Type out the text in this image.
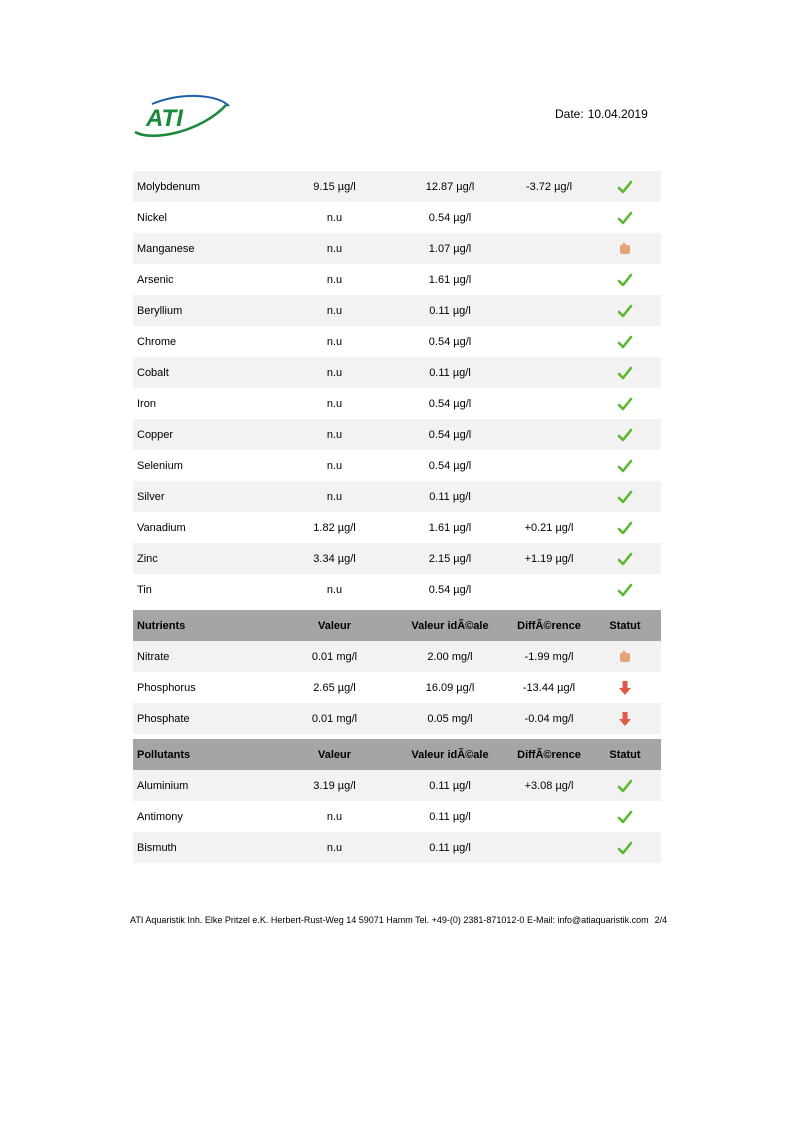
ATI	Date: 10.04.2019
Molybdenum	9.15 µg/l	12.87 µg/l	-3.72 µg/l
Nickel	n.u	0.54 µg/l
Manganese	n.u	1.07 µg/l
Arsenic	n.u	1.61 µg/l
Beryllium	n.u	0.11 µg/l
Chrome	n.u	0.54 µg/l
Cobalt	n.u	0.11 µg/l
Iron	n.u	0.54 µg/l
Copper	n.u	0.54 µg/l
Selenium	n.u	0.54 µg/l
Silver	n.u	0.11 µg/l
Vanadium	1.82 µg/l	1.61 µg/l	+0.21 µg/l
Zinc	3.34 µg/l	2.15 µg/l	+1.19 µg/l
Tin	n.u	0.54 µg/l
Nutrients	Valeur	Valeur idÃ©ale	DiffÃ©rence	Statut
Nitrate	0.01 mg/l	2.00 mg/l	-1.99 mg/l
Phosphorus	2.65 µg/l	16.09 µg/l	-13.44 µg/l
Phosphate	0.01 mg/l	0.05 mg/l	-0.04 mg/l
Pollutants	Valeur	Valeur idÃ©ale	DiffÃ©rence	Statut
Aluminium	3.19 µg/l	0.11 µg/l	+3.08 µg/l
Antimony	n.u	0.11 µg/l
Bismuth	n.u	0.11 µg/l
ATI Aquaristik Inh. Elke Pritzel e.K. Herbert-Rust-Weg 14 59071 Hamm Tel. +49-(0) 2381-871012-0 E-Mail: info@atiaquaristik.com 2/4
